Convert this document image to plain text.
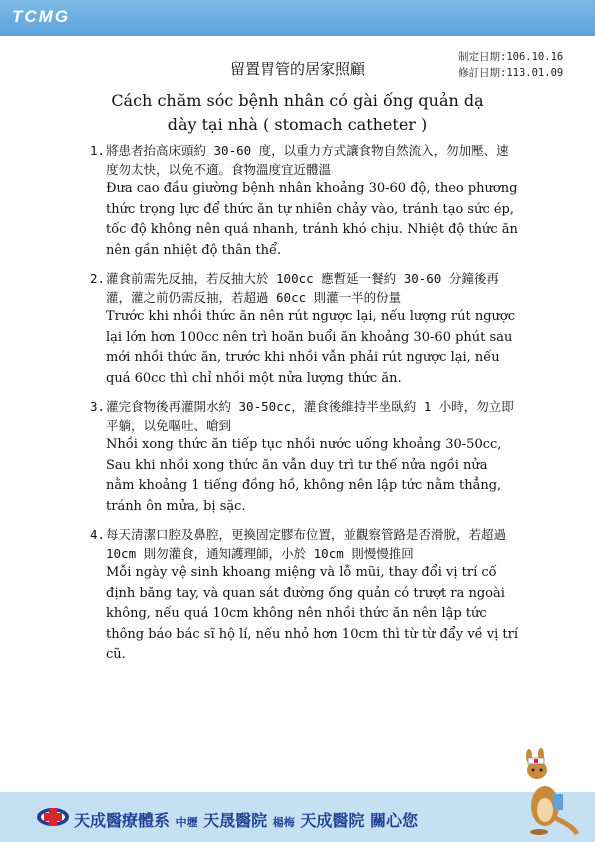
TCMG
制定日期:106.10.16
修訂日期:113.01.09
留置胃管的居家照顧
Cách chăm sóc bệnh nhân có gài ống quản dạ
dày tại nhà ( stomach catheter )
1. 將患者抬高床頭約 30-60 度，以重力方式讓食物自然流入，勿加壓、速度勿太快，以免不適。食物溫度宜近體溫
Đưa cao đầu giường bệnh nhân khoảng 30-60 độ, theo phương thức trọng lực để thức ăn tự nhiên chảy vào, tránh tạo sức ép, tốc độ không nên quá nhanh, tránh khó chịu. Nhiệt độ thức ăn nên gần nhiệt độ thân thể.
2. 灌食前需先反抽，若反抽大於 100cc 應暫延一餐約 30-60 分鐘後再灌，灌之前仍需反抽，若超過 60cc 則灌一半的份量
Trước khi nhồi thức ăn nên rút ngược lại, nếu lượng rút ngược lại lớn hơn 100cc nên trì hoãn buổi ăn khoảng 30-60 phút sau mới nhồi thức ăn, trước khi nhồi vẫn phải rút ngược lại, nếu quá 60cc thì chỉ nhồi một nửa lượng thức ăn.
3. 灌完食物後再灌開水約 30-50cc，灌食後維持半坐臥約 1 小時，勿立即平躺，以免嘔吐、嗆到
Nhồi xong thức ăn tiếp tục nhồi nước uống khoảng 30-50cc, Sau khi nhồi xong thức ăn vẫn duy trì tư thế nửa ngồi nửa nằm khoảng 1 tiếng đồng hồ, không nên lập tức nằm thẳng, tránh ôn mửa, bị sặc.
4. 每天清潔口腔及鼻腔，更換固定膠布位置，並觀察管路是否滑脫，若超過 10cm 則勿灌食，通知護理師，小於 10cm 則慢慢推回
Mỗi ngày vệ sinh khoang miệng và lỗ mũi, thay đổi vị trí cố định băng tay, và quan sát đường ống quản có trượt ra ngoài không, nếu quá 10cm không nên nhồi thức ăn nên lập tức thông báo bác sĩ hộ lí, nếu nhỏ hơn 10cm thì từ từ đẩy về vị trí cũ.
天成醫療體系 中壢 天晟醫院 楊梅 天成醫院 關心您
